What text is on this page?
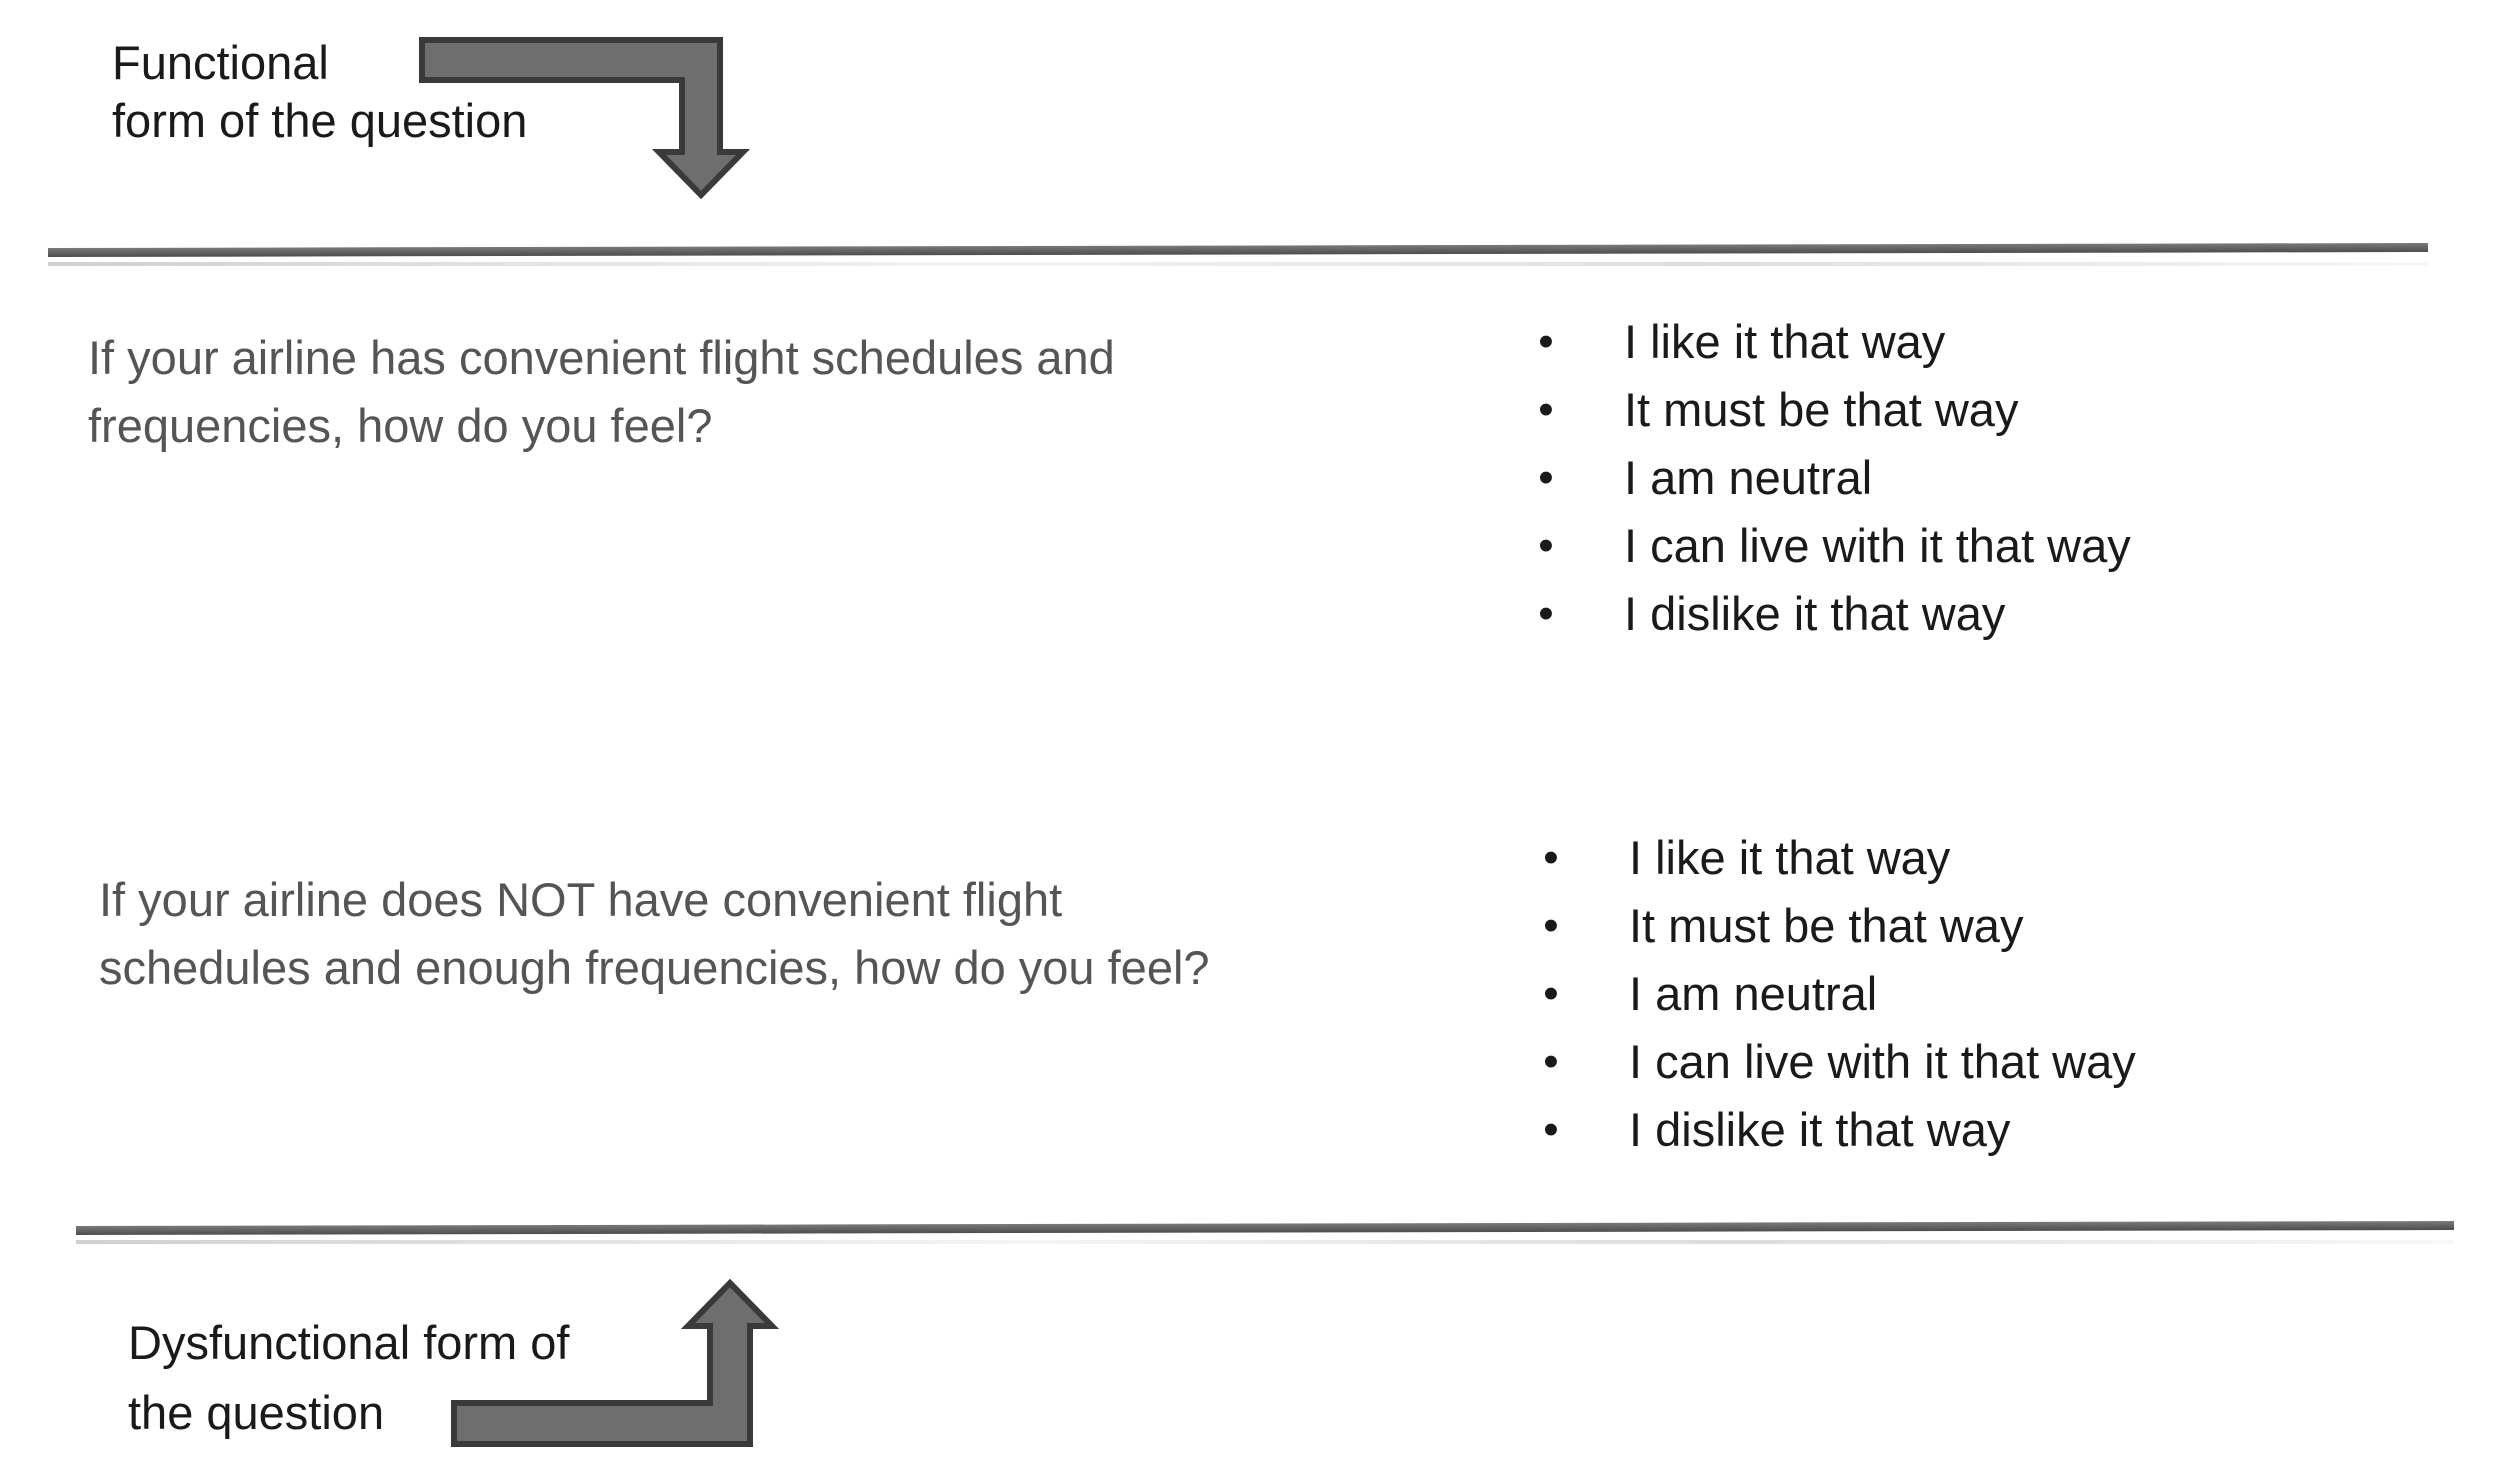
Functional
form of the question
If your airline has convenient flight schedules and
frequencies, how do you feel?
• I like it that way
• It must be that way
• I am neutral
• I can live with it that way
• I dislike it that way
If your airline does NOT have convenient flight
schedules and enough frequencies, how do you feel?
• I like it that way
• It must be that way
• I am neutral
• I can live with it that way
• I dislike it that way
Dysfunctional form of
the question
